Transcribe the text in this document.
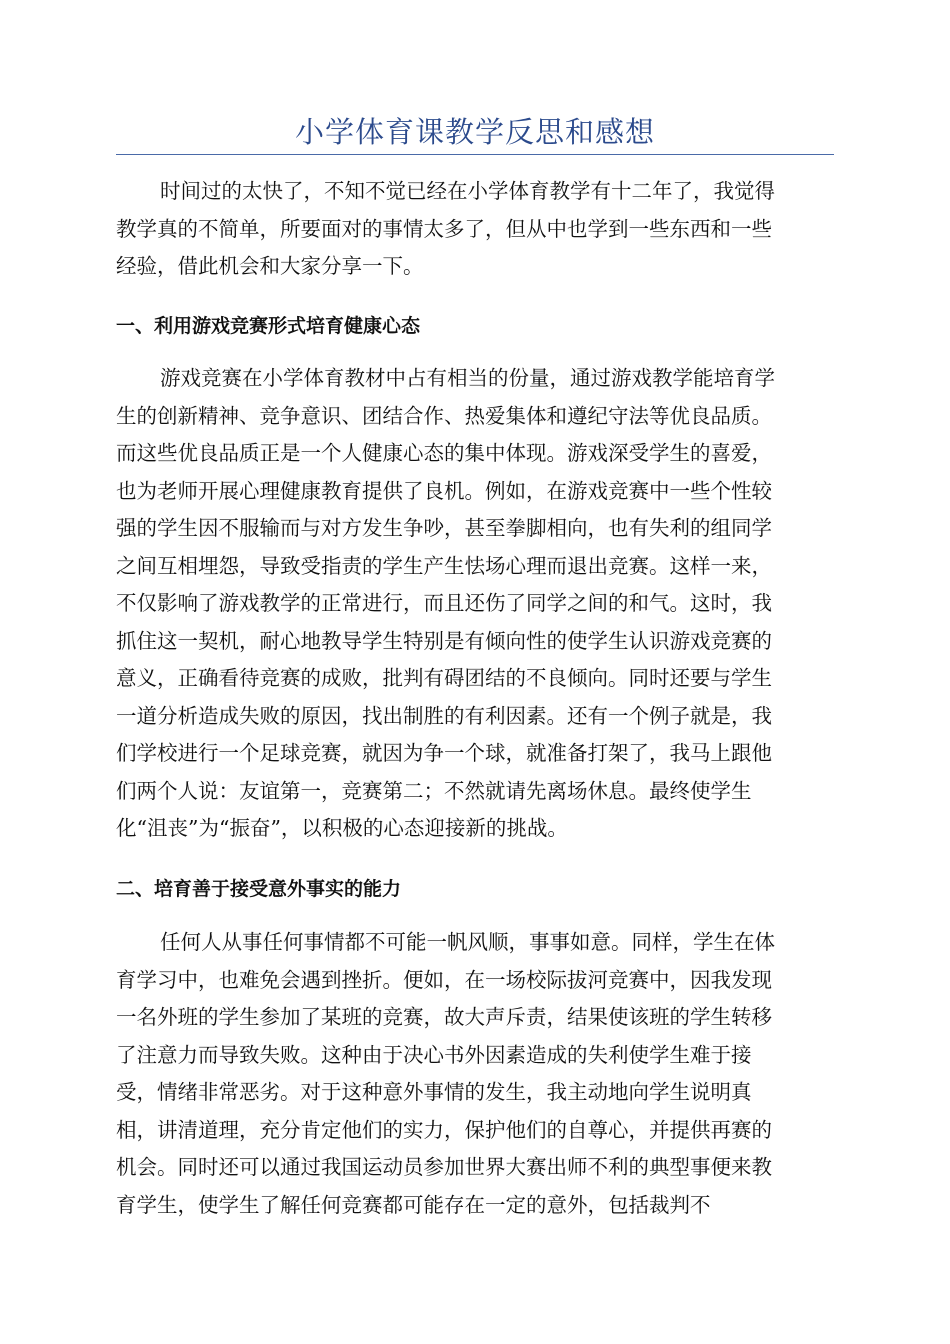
小学体育课教学反思和感想

时间过的太快了，不知不觉已经在小学体育教学有十二年了，我觉得
教学真的不简单，所要面对的事情太多了，但从中也学到一些东西和一些
经验，借此机会和大家分享一下。

一、利用游戏竞赛形式培育健康心态

游戏竞赛在小学体育教材中占有相当的份量，通过游戏教学能培育学
生的创新精神、竞争意识、团结合作、热爱集体和遵纪守法等优良品质。
而这些优良品质正是一个人健康心态的集中体现。游戏深受学生的喜爱，
也为老师开展心理健康教育提供了良机。例如，在游戏竞赛中一些个性较
强的学生因不服输而与对方发生争吵，甚至拳脚相向，也有失利的组同学
之间互相埋怨，导致受指责的学生产生怯场心理而退出竞赛。这样一来，
不仅影响了游戏教学的正常进行，而且还伤了同学之间的和气。这时，我
抓住这一契机，耐心地教导学生特别是有倾向性的使学生认识游戏竞赛的
意义，正确看待竞赛的成败，批判有碍团结的不良倾向。同时还要与学生
一道分析造成失败的原因，找出制胜的有利因素。还有一个例子就是，我
们学校进行一个足球竞赛，就因为争一个球，就准备打架了，我马上跟他
们两个人说：友谊第一，竞赛第二；不然就请先离场休息。最终使学生
化“沮丧”为“振奋”，以积极的心态迎接新的挑战。

二、培育善于接受意外事实的能力

任何人从事任何事情都不可能一帆风顺，事事如意。同样，学生在体
育学习中，也难免会遇到挫折。便如，在一场校际拔河竞赛中，因我发现
一名外班的学生参加了某班的竞赛，故大声斥责，结果使该班的学生转移
了注意力而导致失败。这种由于决心书外因素造成的失利使学生难于接
受，情绪非常恶劣。对于这种意外事情的发生，我主动地向学生说明真
相，讲清道理，充分肯定他们的实力，保护他们的自尊心，并提供再赛的
机会。同时还可以通过我国运动员参加世界大赛出师不利的典型事便来教
育学生，使学生了解任何竞赛都可能存在一定的意外，包括裁判不
